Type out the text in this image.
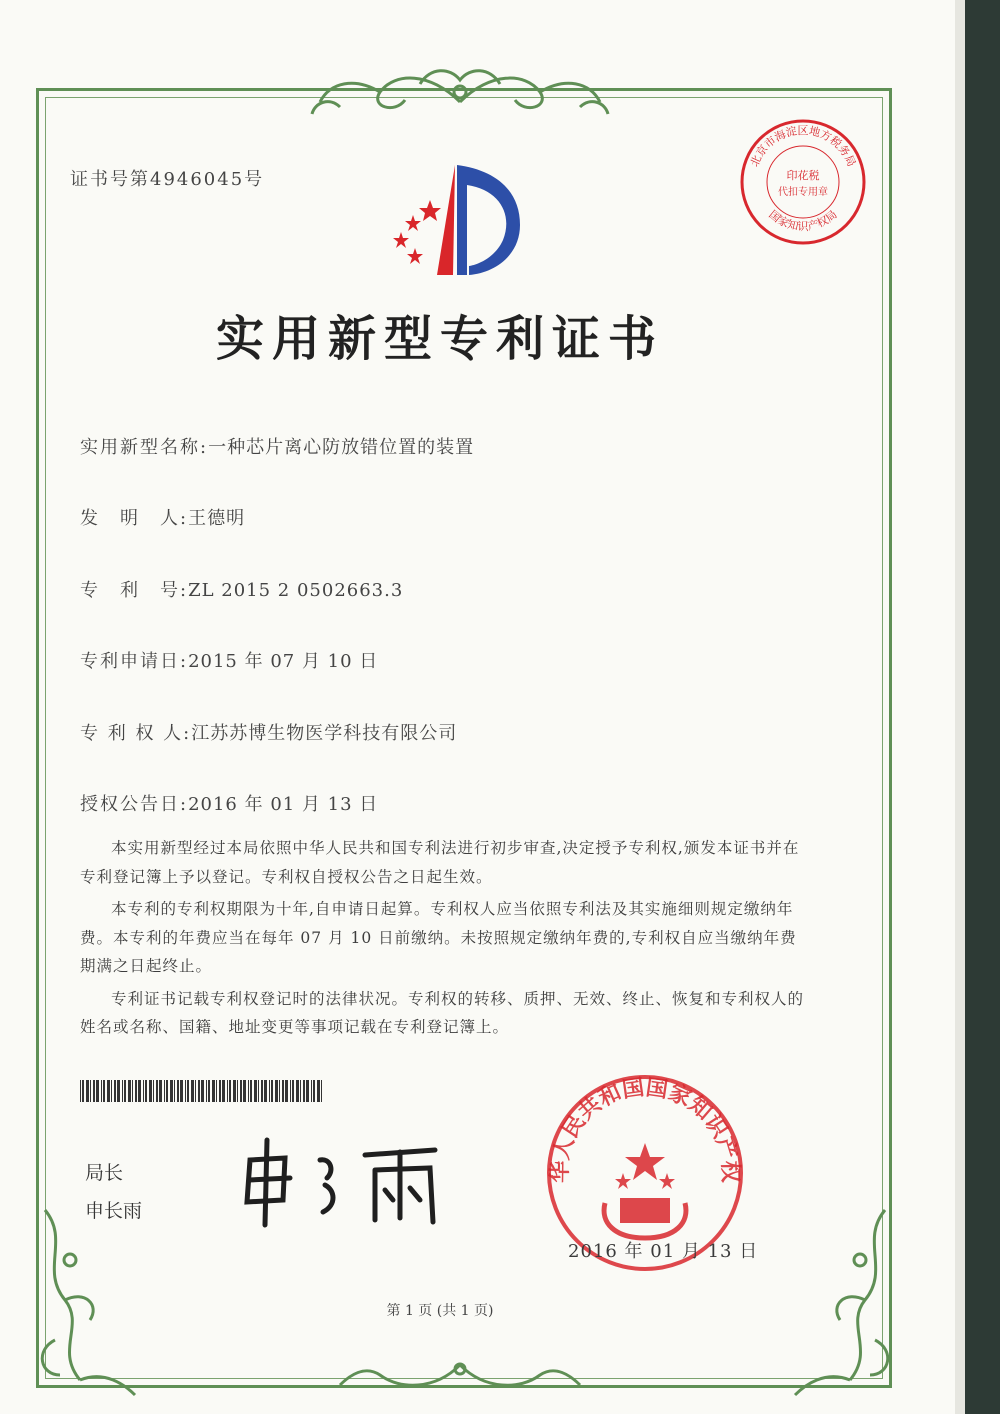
证书号第4946045号
北京市海淀区地方税务局
国家知识产权局
印花税
代扣专用章
实用新型专利证书
实用新型名称:一种芯片离心防放错位置的装置
发　明　人:王德明
专　利　号:ZL 2015 2 0502663.3
专利申请日:2015 年 07 月 10 日
专 利 权 人:江苏苏博生物医学科技有限公司
授权公告日:2016 年 01 月 13 日

本实用新型经过本局依照中华人民共和国专利法进行初步审查,决定授予专利权,颁发本证书并在专利登记簿上予以登记。专利权自授权公告之日起生效。

本专利的专利权期限为十年,自申请日起算。专利权人应当依照专利法及其实施细则规定缴纳年费。本专利的年费应当在每年 07 月 10 日前缴纳。未按照规定缴纳年费的,专利权自应当缴纳年费期满之日起终止。

专利证书记载专利权登记时的法律状况。专利权的转移、质押、无效、终止、恢复和专利权人的姓名或名称、国籍、地址变更等事项记载在专利登记簿上。

局长
申长雨
华人民共和国国家知识产权
2016 年 01 月 13 日
第 1 页 (共 1 页)
